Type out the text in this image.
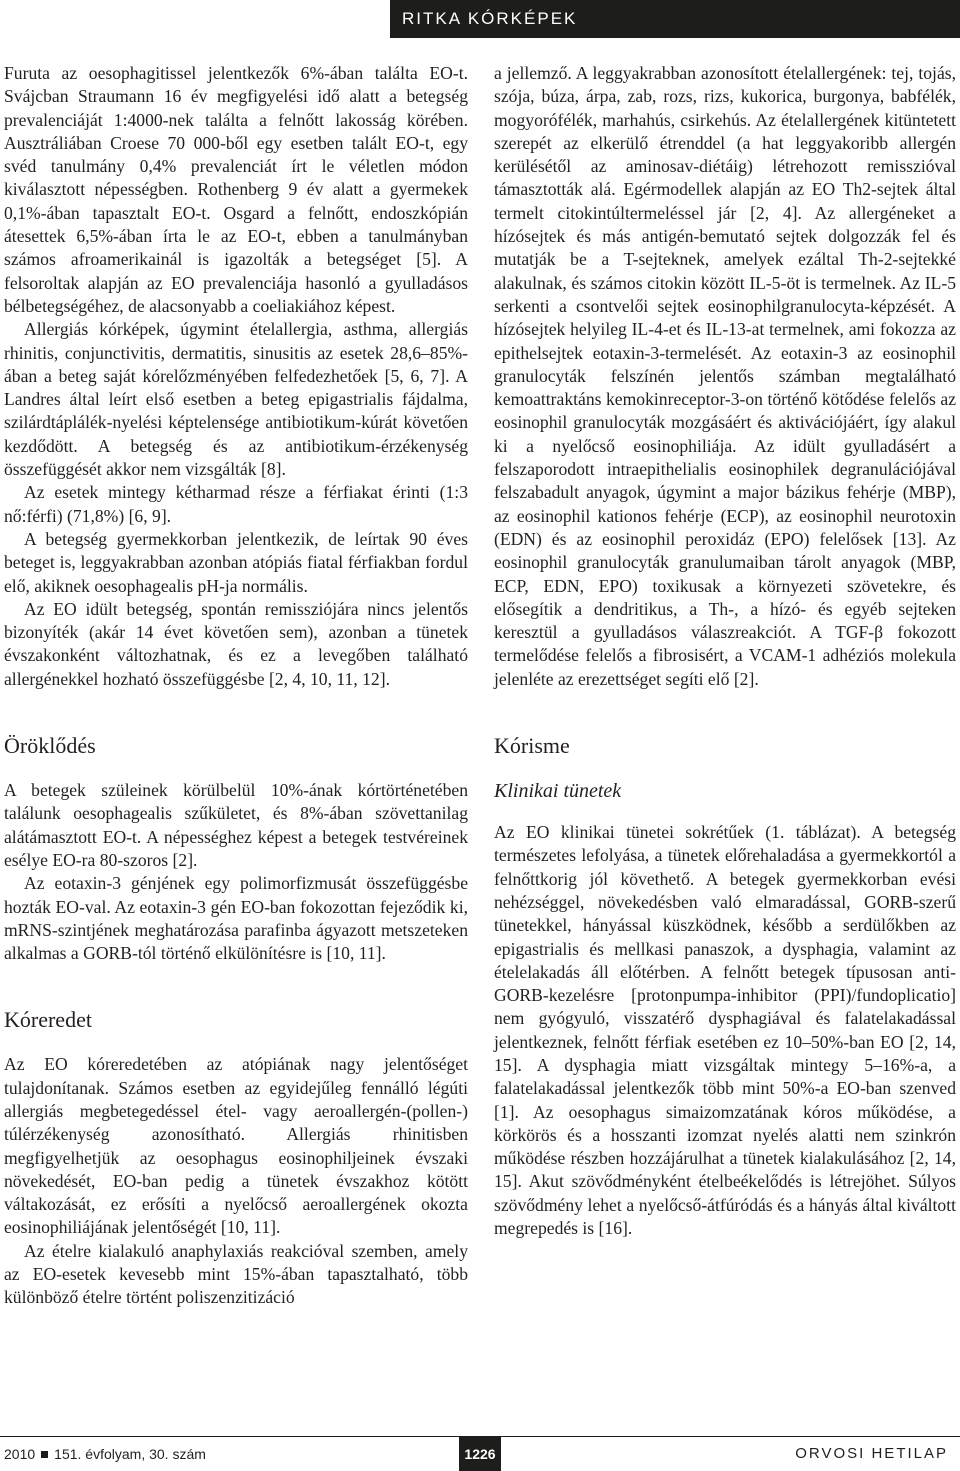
RITKA KÓRKÉPEK

Furuta az oesophagitissel jelentkezők 6%-ában találta EO-t. Svájcban Straumann 16 év megfigyelési idő alatt a betegség prevalenciáját 1:4000-nek találta a felnőtt lakosság körében. Ausztráliában Croese 70 000-ből egy esetben talált EO-t, egy svéd tanulmány 0,4% prevalenciát írt le véletlen módon kiválasztott népességben. Rothenberg 9 év alatt a gyermekek 0,1%-ában tapasztalt EO-t. Osgard a felnőtt, endoszkópián átesettek 6,5%-ában írta le az EO-t, ebben a tanulmányban számos afroamerikainál is igazolták a betegséget [5]. A felsoroltak alapján az EO prevalenciája hasonló a gyulladásos bélbetegségéhez, de alacsonyabb a coeliakiához képest.

Allergiás kórképek, úgymint ételallergia, asthma, allergiás rhinitis, conjunctivitis, dermatitis, sinusitis az esetek 28,6–85%-ában a beteg saját kórelőzményében felfedezhetőek [5, 6, 7]. A Landres által leírt első esetben a beteg epigastrialis fájdalma, szilárdtáplálék-nyelési képtelensége antibiotikum-kúrát követően kezdődött. A betegség és az antibiotikum-érzékenység összefüggését akkor nem vizsgálták [8].

Az esetek mintegy kétharmad része a férfiakat érinti (1:3 nő:férfi) (71,8%) [6, 9].

A betegség gyermekkorban jelentkezik, de leírtak 90 éves beteget is, leggyakrabban azonban atópiás fiatal férfiakban fordul elő, akiknek oesophagealis pH-ja normális.

Az EO idült betegség, spontán remissziójára nincs jelentős bizonyíték (akár 14 évet követően sem), azonban a tünetek évszakonként változhatnak, és ez a levegőben található allergénekkel hozható összefüggésbe [2, 4, 10, 11, 12].

Öröklődés

A betegek szüleinek körülbelül 10%-ának kórtörténetében találunk oesophagealis szűkületet, és 8%-ában szövettanilag alátámasztott EO-t. A népességhez képest a betegek testvéreinek esélye EO-ra 80-szoros [2].

Az eotaxin-3 génjének egy polimorfizmusát összefüggésbe hozták EO-val. Az eotaxin-3 gén EO-ban fokozottan fejeződik ki, mRNS-szintjének meghatározása parafinba ágyazott metszeteken alkalmas a GORB-tól történő elkülönítésre is [10, 11].

Kóreredet

Az EO kóreredetében az atópiának nagy jelentőséget tulajdonítanak. Számos esetben az egyidejűleg fennálló légúti allergiás megbetegedéssel étel- vagy aeroallergén-(pollen-) túlérzékenység azonosítható. Allergiás rhinitisben megfigyelhetjük az oesophagus eosinophiljeinek évszaki növekedését, EO-ban pedig a tünetek évszakhoz kötött váltakozását, ez erősíti a nyelőcső aeroallergének okozta eosinophiliájának jelentőségét [10, 11].

Az ételre kialakuló anaphylaxiás reakcióval szemben, amely az EO-esetek kevesebb mint 15%-ában tapasztalható, több különböző ételre történt poliszenzitizáció

a jellemző. A leggyakrabban azonosított ételallergének: tej, tojás, szója, búza, árpa, zab, rozs, rizs, kukorica, burgonya, babfélék, mogyorófélék, marhahús, csirkehús. Az ételallergének kitüntetett szerepét az elkerülő étrenddel (a hat leggyakoribb allergén kerülésétől az aminosav-diétáig) létrehozott remisszióval támasztották alá. Egérmodellek alapján az EO Th2-sejtek által termelt citokintúltermeléssel jár [2, 4]. Az allergéneket a hízósejtek és más antigén-bemutató sejtek dolgozzák fel és mutatják be a T-sejteknek, amelyek ezáltal Th-2-sejtekké alakulnak, és számos citokin között IL-5-öt is termelnek. Az IL-5 serkenti a csontvelői sejtek eosinophilgranulocyta-képzését. A hízósejtek helyileg IL-4-et és IL-13-at termelnek, ami fokozza az epithelsejtek eotaxin-3-termelését. Az eotaxin-3 az eosinophil granulocyták felszínén jelentős számban megtalálható kemoattraktáns kemokinreceptor-3-on történő kötődése felelős az eosinophil granulocyták mozgásáért és aktivációjáért, így alakul ki a nyelőcső eosinophiliája. Az idült gyulladásért a felszaporodott intraepithelialis eosinophilek degranulációjával felszabadult anyagok, úgymint a major bázikus fehérje (MBP), az eosinophil kationos fehérje (ECP), az eosinophil neurotoxin (EDN) és az eosinophil peroxidáz (EPO) felelősek [13]. Az eosinophil granulocyták granulumaiban tárolt anyagok (MBP, ECP, EDN, EPO) toxikusak a környezeti szövetekre, és elősegítik a dendritikus, a Th-, a hízó- és egyéb sejteken keresztül a gyulladásos válaszreakciót. A TGF-β fokozott termelődése felelős a fibrosisért, a VCAM-1 adhéziós molekula jelenléte az erezettséget segíti elő [2].

Kórisme
Klinikai tünetek

Az EO klinikai tünetei sokrétűek (1. táblázat). A betegség természetes lefolyása, a tünetek előrehaladása a gyermekkortól a felnőttkorig jól követhető. A betegek gyermekkorban evési nehézséggel, növekedésben való elmaradással, GORB-szerű tünetekkel, hányással küszködnek, később a serdülőkben az epigastrialis és mellkasi panaszok, a dysphagia, valamint az ételelakadás áll előtérben. A felnőtt betegek típusosan anti-GORB-kezelésre [protonpumpa-inhibitor (PPI)/fundoplicatio] nem gyógyuló, visszatérő dysphagiával és falatelakadással jelentkeznek, felnőtt férfiak esetében ez 10–50%-ban EO [2, 14, 15]. A dysphagia miatt vizsgáltak mintegy 5–16%-a, a falatelakadással jelentkezők több mint 50%-a EO-ban szenved [1]. Az oesophagus simaizomzatának kóros működése, a körkörös és a hosszanti izomzat nyelés alatti nem szinkrón működése részben hozzájárulhat a tünetek kialakulásához [2, 14, 15]. Akut szövődményként ételbeékelődés is létrejöhet. Súlyos szövődmény lehet a nyelőcső-átfúródás és a hányás által kiváltott megrepedés is [16].

2010 151. évfolyam, 30. szám	1226	ORVOSI HETILAP
